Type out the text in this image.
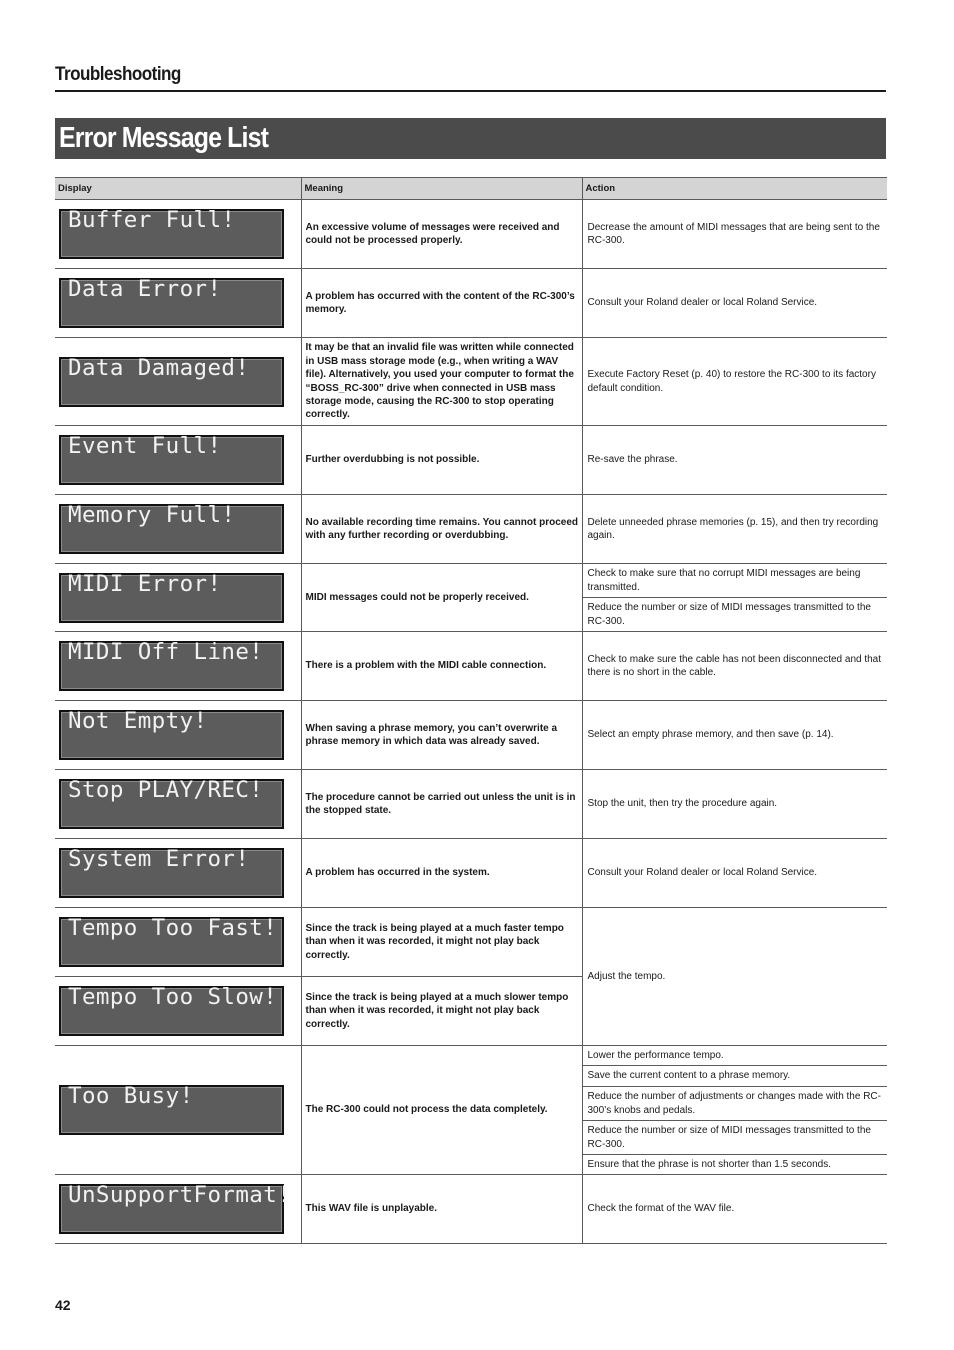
Troubleshooting
Error Message List
Display	Meaning	Action

Buffer Full!	An excessive volume of messages were received and could not be processed properly.	Decrease the amount of MIDI messages that are being sent to the RC-300.

Data Error!	A problem has occurred with the content of the RC-300’s memory.	Consult your Roland dealer or local Roland Service.

Data Damaged!	It may be that an invalid file was written while connected in USB mass storage mode (e.g., when writing a WAV file). Alternatively, you used your computer to format the “BOSS_RC-300” drive when connected in USB mass storage mode, causing the RC-300 to stop operating correctly.	Execute Factory Reset (p. 40) to restore the RC-300 to its factory default condition.

Event Full!	Further overdubbing is not possible.	Re-save the phrase.

Memory Full!	No available recording time remains. You cannot proceed with any further recording or overdubbing.	Delete unneeded phrase memories (p. 15), and then try recording again.

MIDI Error!	MIDI messages could not be properly received.	Check to make sure that no corrupt MIDI messages are being transmitted.
		Reduce the number or size of MIDI messages transmitted to the RC-300.

MIDI Off Line!	There is a problem with the MIDI cable connection.	Check to make sure the cable has not been disconnected and that there is no short in the cable.

Not Empty!	When saving a phrase memory, you can’t overwrite a phrase memory in which data was already saved.	Select an empty phrase memory, and then save (p. 14).

Stop PLAY/REC!	The procedure cannot be carried out unless the unit is in the stopped state.	Stop the unit, then try the procedure again.

System Error!	A problem has occurred in the system.	Consult your Roland dealer or local Roland Service.

Tempo Too Fast!	Since the track is being played at a much faster tempo than when it was recorded, it might not play back correctly.	Adjust the tempo.

Tempo Too Slow!	Since the track is being played at a much slower tempo than when it was recorded, it might not play back correctly.	

Too Busy!	The RC-300 could not process the data completely.	Lower the performance tempo.
		Save the current content to a phrase memory.
		Reduce the number of adjustments or changes made with the RC-300’s knobs and pedals.
		Reduce the number or size of MIDI messages transmitted to the RC-300.
		Ensure that the phrase is not shorter than 1.5 seconds.

UnSupportFormat!	This WAV file is unplayable.	Check the format of the WAV file.
42
